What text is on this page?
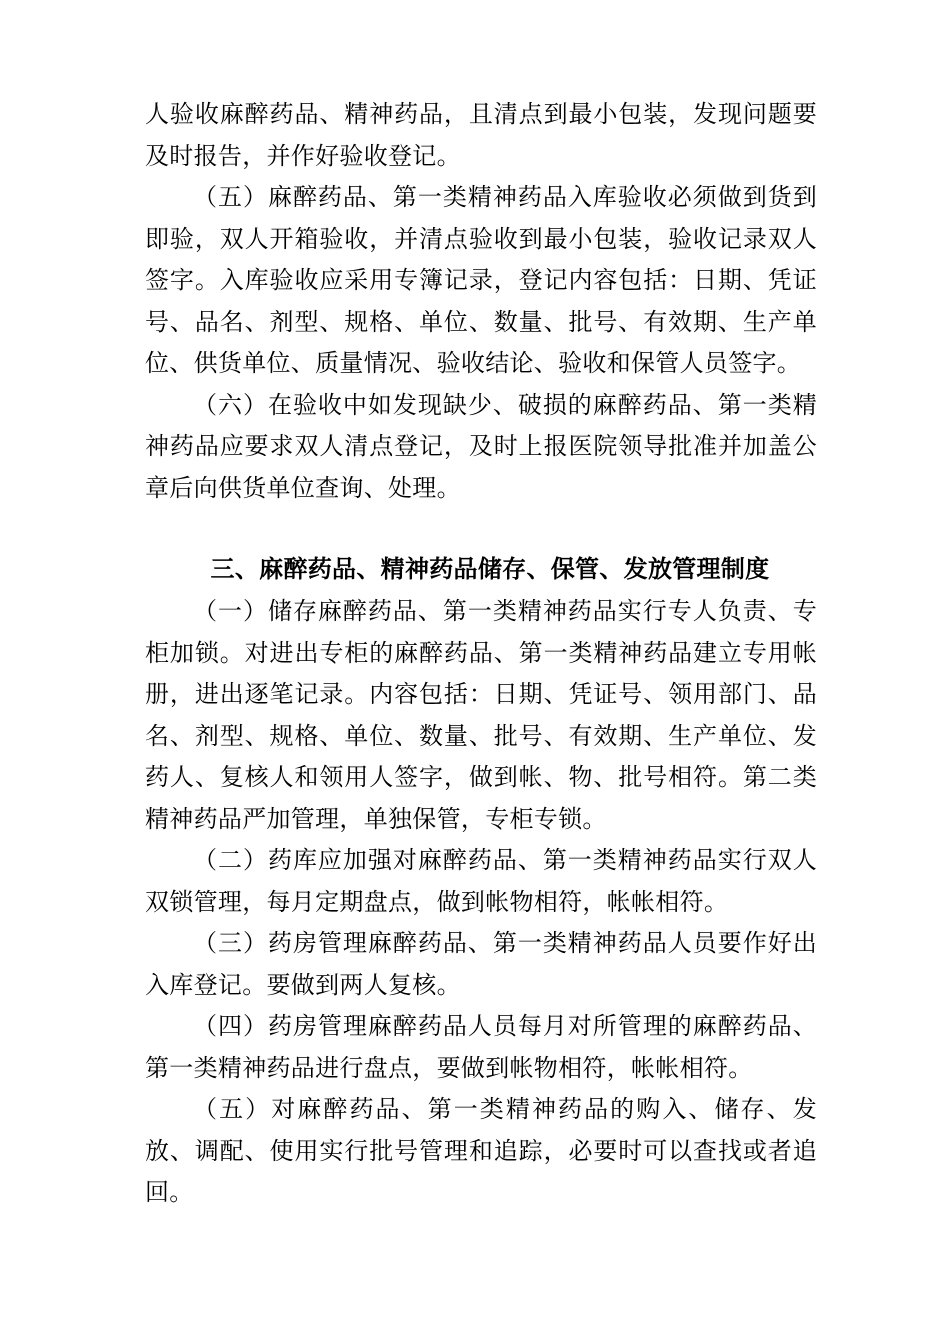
人验收麻醉药品、精神药品，且清点到最小包装，发现问题要及时报告，并作好验收登记。

（五）麻醉药品、第一类精神药品入库验收必须做到货到即验，双人开箱验收，并清点验收到最小包装，验收记录双人签字。入库验收应采用专簿记录，登记内容包括：日期、凭证号、品名、剂型、规格、单位、数量、批号、有效期、生产单位、供货单位、质量情况、验收结论、验收和保管人员签字。

（六）在验收中如发现缺少、破损的麻醉药品、第一类精神药品应要求双人清点登记，及时上报医院领导批准并加盖公章后向供货单位查询、处理。

三、麻醉药品、精神药品储存、保管、发放管理制度

（一）储存麻醉药品、第一类精神药品实行专人负责、专柜加锁。对进出专柜的麻醉药品、第一类精神药品建立专用帐册，进出逐笔记录。内容包括：日期、凭证号、领用部门、品名、剂型、规格、单位、数量、批号、有效期、生产单位、发药人、复核人和领用人签字，做到帐、物、批号相符。第二类精神药品严加管理，单独保管，专柜专锁。

（二）药库应加强对麻醉药品、第一类精神药品实行双人双锁管理，每月定期盘点，做到帐物相符，帐帐相符。

（三）药房管理麻醉药品、第一类精神药品人员要作好出入库登记。要做到两人复核。

（四）药房管理麻醉药品人员每月对所管理的麻醉药品、第一类精神药品进行盘点，要做到帐物相符，帐帐相符。

（五）对麻醉药品、第一类精神药品的购入、储存、发放、调配、使用实行批号管理和追踪，必要时可以查找或者追回。
